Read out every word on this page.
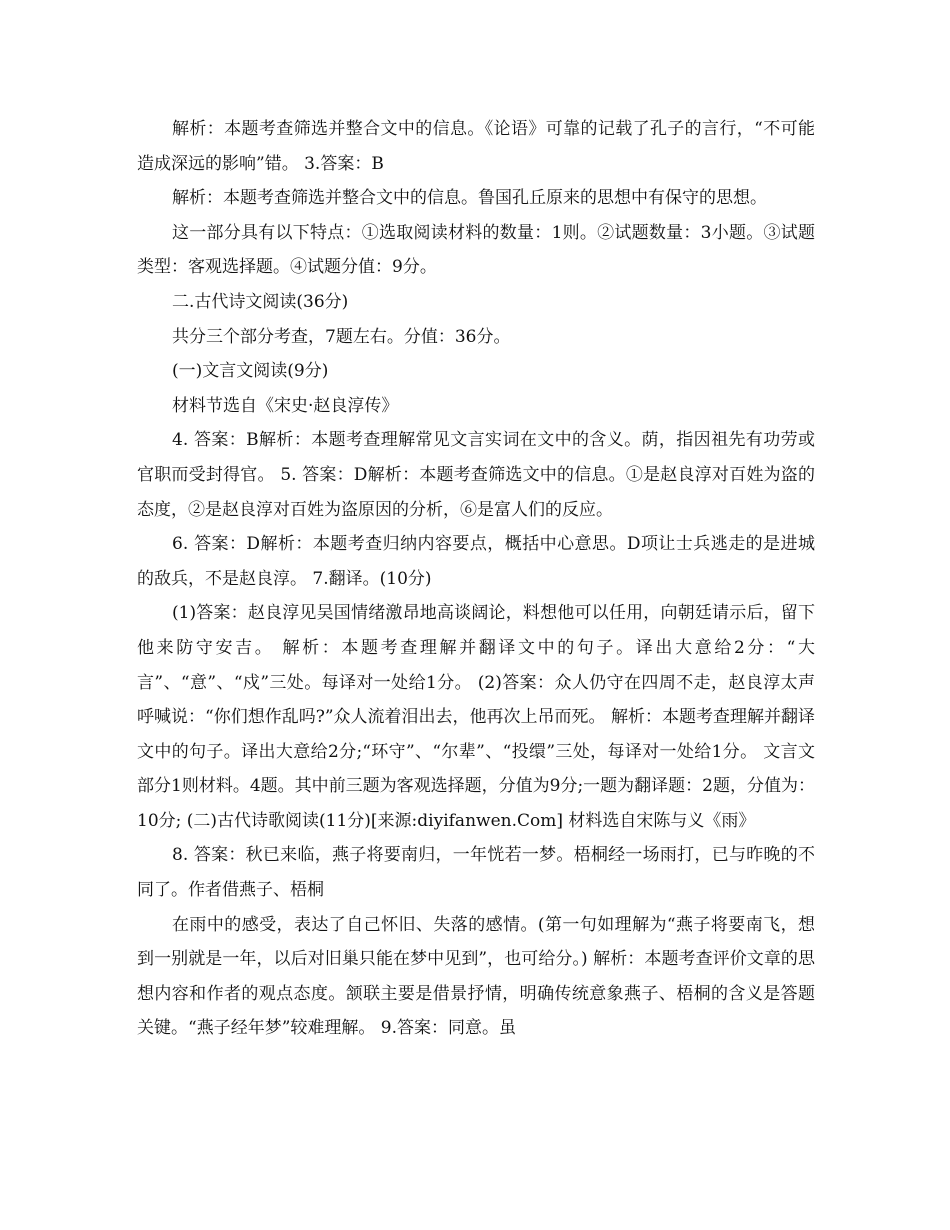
解析：本题考查筛选并整合文中的信息。《论语》可靠的记载了孔子的言行，“不可能造成深远的影响”错。 3.答案：B

解析：本题考查筛选并整合文中的信息。鲁国孔丘原来的思想中有保守的思想。

这一部分具有以下特点：①选取阅读材料的数量：1则。②试题数量：3小题。③试题类型：客观选择题。④试题分值：9分。

二.古代诗文阅读(36分)

共分三个部分考查，7题左右。分值：36分。

(一)文言文阅读(9分)

材料节选自《宋史·赵良淳传》

4. 答案：B解析：本题考查理解常见文言实词在文中的含义。荫，指因祖先有功劳或官职而受封得官。 5. 答案：D解析：本题考查筛选文中的信息。①是赵良淳对百姓为盗的态度，②是赵良淳对百姓为盗原因的分析，⑥是富人们的反应。

6. 答案：D解析：本题考查归纳内容要点，概括中心意思。D项让士兵逃走的是进城的敌兵，不是赵良淳。 7.翻译。(10分)

(1)答案：赵良淳见吴国情绪激昂地高谈阔论，料想他可以任用，向朝廷请示后，留下他来防守安吉。 解析：本题考查理解并翻译文中的句子。译出大意给2分：“大言”、“意”、“戍”三处。每译对一处给1分。 (2)答案：众人仍守在四周不走，赵良淳太声呼喊说：“你们想作乱吗?”众人流着泪出去，他再次上吊而死。 解析：本题考查理解并翻译文中的句子。译出大意给2分;“环守”、“尔辈”、“投缳”三处，每译对一处给1分。 文言文部分1则材料。4题。其中前三题为客观选择题，分值为9分;一题为翻译题：2题，分值为：10分; (二)古代诗歌阅读(11分)[来源:diyifanwen.Com] 材料选自宋陈与义《雨》

8. 答案：秋已来临，燕子将要南归，一年恍若一梦。梧桐经一场雨打，已与昨晚的不同了。作者借燕子、梧桐

在雨中的感受，表达了自己怀旧、失落的感情。(第一句如理解为“燕子将要南飞，想到一别就是一年，以后对旧巢只能在梦中见到”，也可给分。) 解析：本题考查评价文章的思想内容和作者的观点态度。颔联主要是借景抒情，明确传统意象燕子、梧桐的含义是答题关键。“燕子经年梦”较难理解。 9.答案：同意。虽
